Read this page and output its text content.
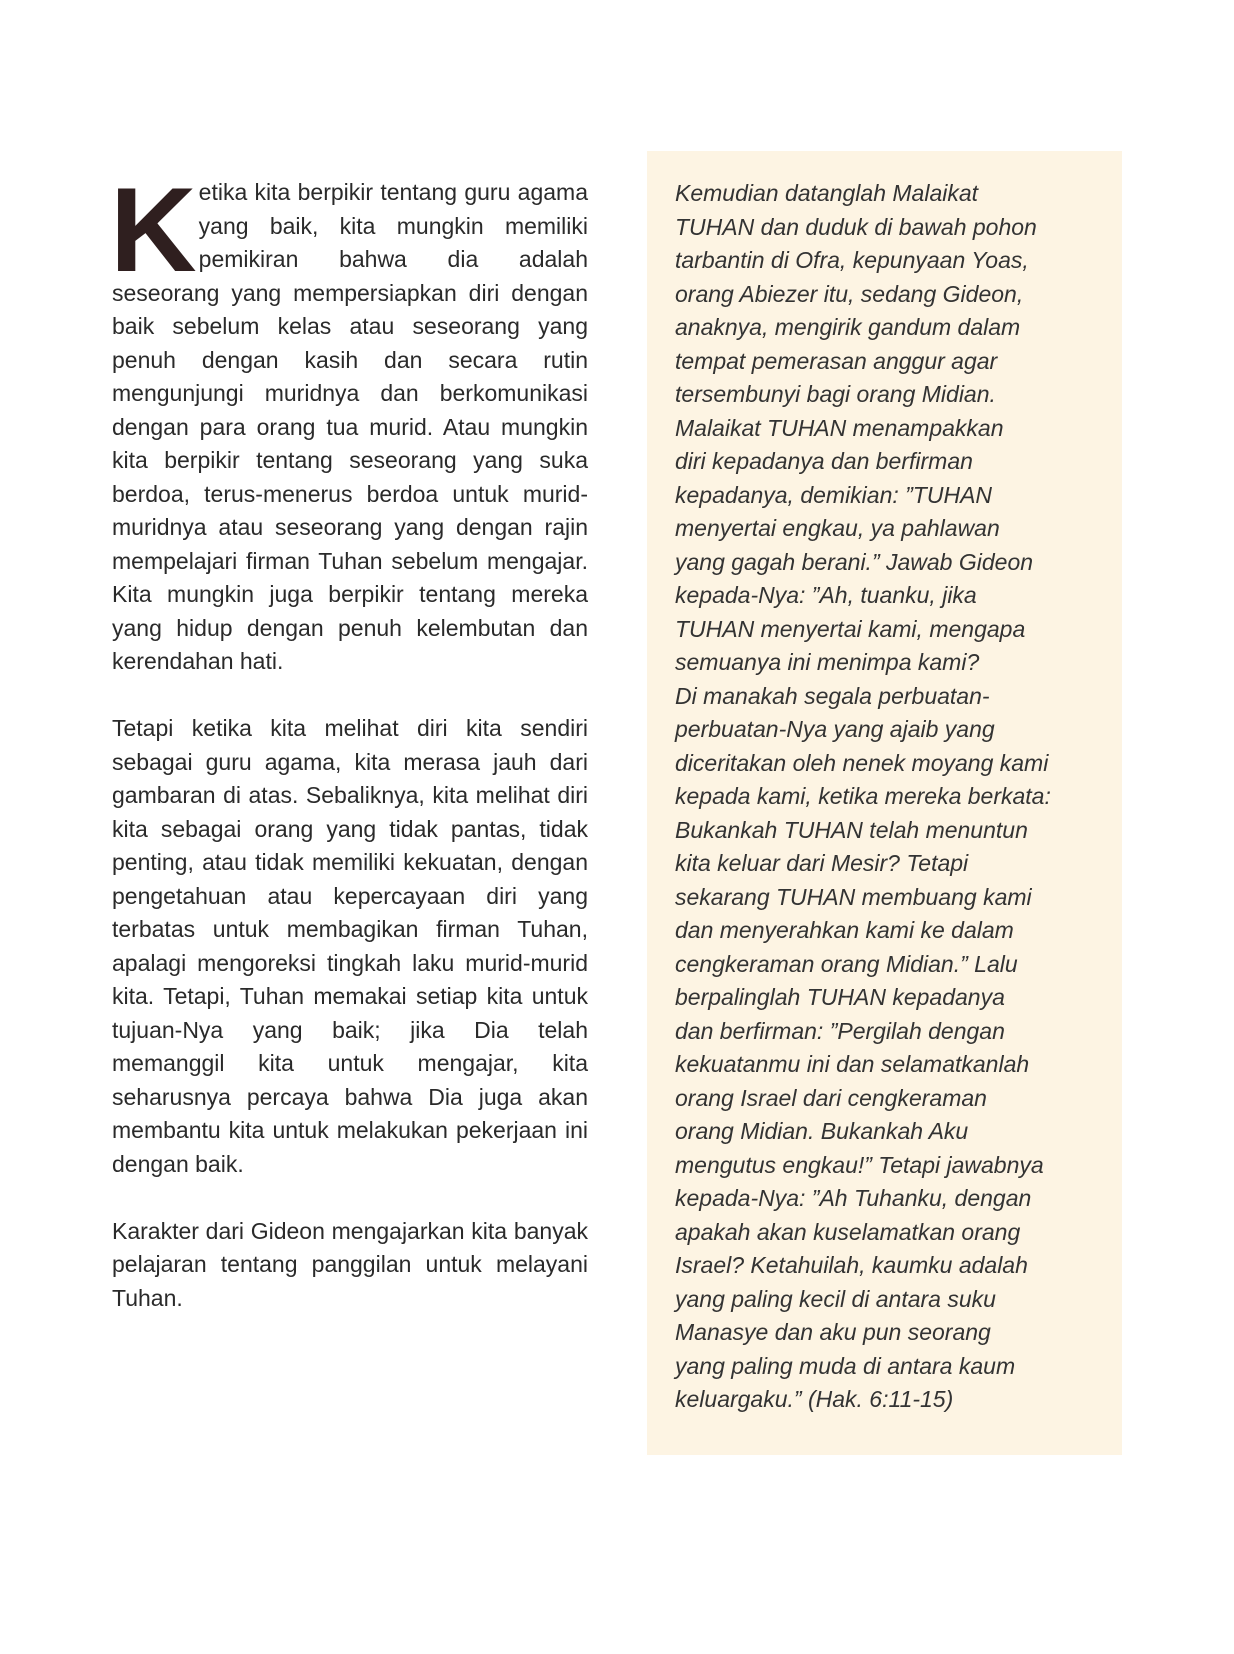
Ketika kita berpikir tentang guru agama yang baik, kita mungkin memiliki pemikiran bahwa dia adalah seseorang yang mempersiapkan diri dengan baik sebelum kelas atau seseorang yang penuh dengan kasih dan secara rutin mengunjungi muridnya dan berkomunikasi dengan para orang tua murid. Atau mungkin kita berpikir tentang seseorang yang suka berdoa, terus-menerus berdoa untuk murid-muridnya atau seseorang yang dengan rajin mempelajari firman Tuhan sebelum mengajar. Kita mungkin juga berpikir tentang mereka yang hidup dengan penuh kelembutan dan kerendahan hati.

Tetapi ketika kita melihat diri kita sendiri sebagai guru agama, kita merasa jauh dari gambaran di atas. Sebaliknya, kita melihat diri kita sebagai orang yang tidak pantas, tidak penting, atau tidak memiliki kekuatan, dengan pengetahuan atau kepercayaan diri yang terbatas untuk membagikan firman Tuhan, apalagi mengoreksi tingkah laku murid-murid kita. Tetapi, Tuhan memakai setiap kita untuk tujuan-Nya yang baik; jika Dia telah memanggil kita untuk mengajar, kita seharusnya percaya bahwa Dia juga akan membantu kita untuk melakukan pekerjaan ini dengan baik.

Karakter dari Gideon mengajarkan kita banyak pelajaran tentang panggilan untuk melayani Tuhan.

Kemudian datanglah Malaikat
TUHAN dan duduk di bawah pohon
tarbantin di Ofra, kepunyaan Yoas,
orang Abiezer itu, sedang Gideon,
anaknya, mengirik gandum dalam
tempat pemerasan anggur agar
tersembunyi bagi orang Midian.
Malaikat TUHAN menampakkan
diri kepadanya dan berfirman
kepadanya, demikian: ”TUHAN
menyertai engkau, ya pahlawan
yang gagah berani.” Jawab Gideon
kepada-Nya: ”Ah, tuanku, jika
TUHAN menyertai kami, mengapa
semuanya ini menimpa kami?
Di manakah segala perbuatan-
perbuatan-Nya yang ajaib yang
diceritakan oleh nenek moyang kami
kepada kami, ketika mereka berkata:
Bukankah TUHAN telah menuntun
kita keluar dari Mesir? Tetapi
sekarang TUHAN membuang kami
dan menyerahkan kami ke dalam
cengkeraman orang Midian.” Lalu
berpalinglah TUHAN kepadanya
dan berfirman: ”Pergilah dengan
kekuatanmu ini dan selamatkanlah
orang Israel dari cengkeraman
orang Midian. Bukankah Aku
mengutus engkau!” Tetapi jawabnya
kepada-Nya: ”Ah Tuhanku, dengan
apakah akan kuselamatkan orang
Israel? Ketahuilah, kaumku adalah
yang paling kecil di antara suku
Manasye dan aku pun seorang
yang paling muda di antara kaum
keluargaku.” (Hak. 6:11-15)
